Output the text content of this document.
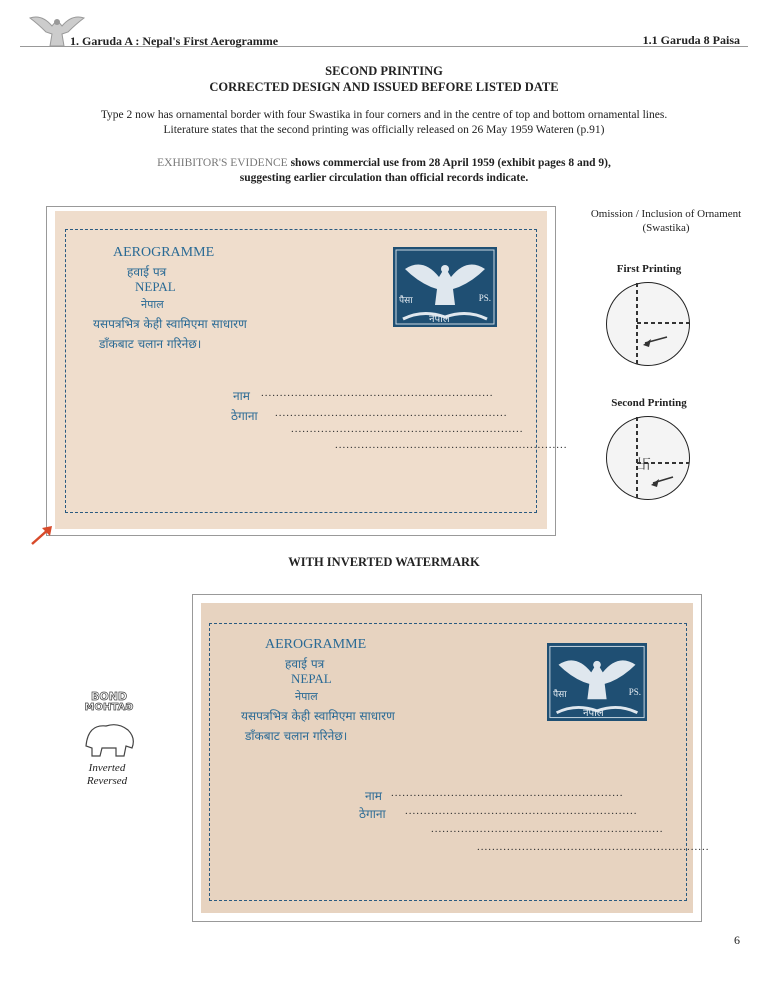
1. Garuda A : Nepal's First Aerogramme	1.1 Garuda 8 Paisa
SECOND PRINTING
CORRECTED DESIGN AND ISSUED BEFORE LISTED DATE
Type 2 now has ornamental border with four Swastika in four corners and in the centre of top and bottom ornamental lines.
Literature states that the second printing was officially released on 26 May 1959 Wateren (p.91)
EXHIBITOR'S EVIDENCE shows commercial use from 28 April 1959 (exhibit pages 8 and 9),
suggesting earlier circulation than official records indicate.
AEROGRAMME
हवाई पत्र
NEPAL
नेपाल
यसपत्रभित्र केही स्वामिएमा साधारण
डाँकबाट चलान गरिनेछ।
पैसा	PS.
नेपाल
नाम
ठेगाना
..............................................................
..............................................................
..............................................................
..............................................................
Omission / Inclusion of Ornament
(Swastika)
First Printing
Second Printing
卐
WITH INVERTED WATERMARK
AEROGRAMME
हवाई पत्र
NEPAL
नेपाल
यसपत्रभित्र केही स्वामिएमा साधारण
डाँकबाट चलान गरिनेछ।
पैसा	PS.
नेपाल
नाम
ठेगाना
..............................................................
..............................................................
..............................................................
..............................................................
BOND
GATHOM
Inverted
Reversed
6
